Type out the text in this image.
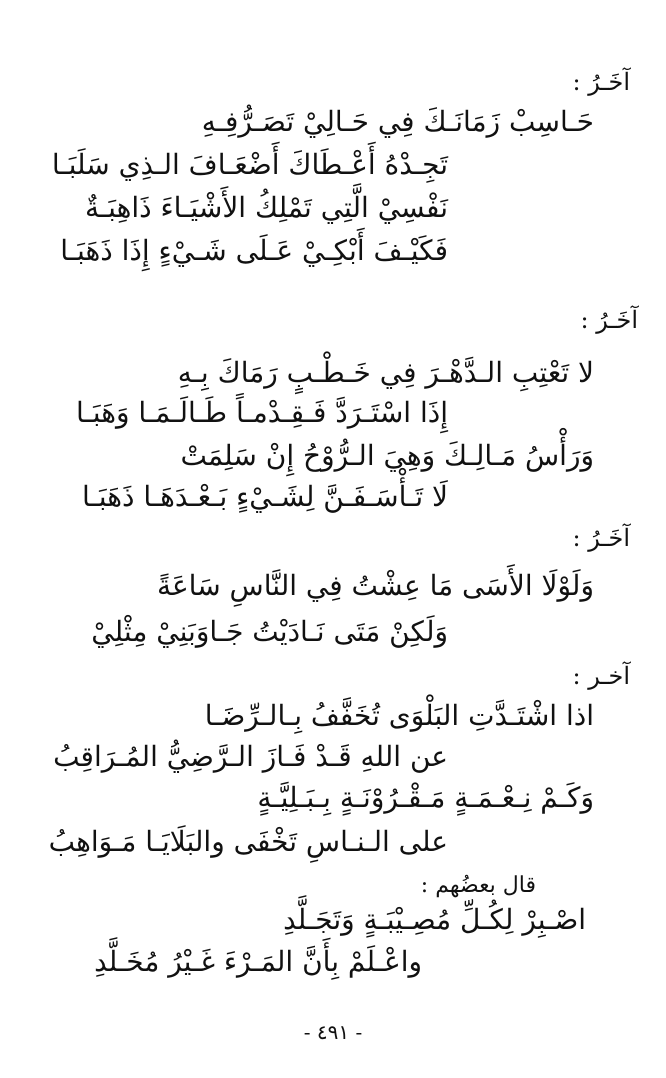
آخَـرُ :
حَـاسِبْ زَمَانَـكَ فِي حَـالِيْ تَصَـرُّفِـهِ
تَجِـدْهُ أَعْـطَاكَ أَضْعَـافَ الـذِي سَلَبَـا
نَفْسِيْ الَّتِي تَمْلِكُ الأَشْيَـاءَ ذَاهِبَـةٌ
فَكَيْـفَ أَبْكِـيْ عَـلَى شَـيْءٍ إِذَا ذَهَبَـا
آخَـرُ :
لا تَعْتِبِ الـدَّهْـرَ فِي خَـطْـبٍ رَمَاكَ بِـهِ
إِذَا اسْتَـرَدَّ فَـقِـدْمـاً طَـالَـمَـا وَهَبَـا
وَرَأْسُ مَـالِـكَ وَهِيَ الـرُّوْحُ إِنْ سَلِمَتْ
لَا تَـأْسَـفَـنَّ لِشَـيْءٍ بَـعْـدَهَـا ذَهَبَـا
آخَـرُ :
وَلَوْلَا الأَسَى مَا عِشْتُ فِي النَّاسِ سَاعَةً
وَلَكِنْ مَتَى نَـادَيْتُ جَـاوَبَنِيْ مِثْلِيْ
آخـر :
اذا اشْتَـدَّتِ البَلْوَى تُخَفَّفُ بِـالـرِّضَـا
عن اللهِ قَـدْ فَـازَ الـرَّضِيُّ المُـرَاقِبُ
وَكَـمْ نِـعْـمَـةٍ مَـقْـرُوْنَـةٍ بِـبَـلِيَّـةٍ
على الـنـاسِ تَخْفَى والبَلَايَـا مَـوَاهِبُ
قال بعضُهم :
اصْـبِرْ لِكُـلِّ مُصِـيْبَـةٍ وَتَجَـلَّدِ
واعْـلَمْ بِأَنَّ المَـرْءَ غَـيْرُ مُخَـلَّدِ
- ٤٩١ -
